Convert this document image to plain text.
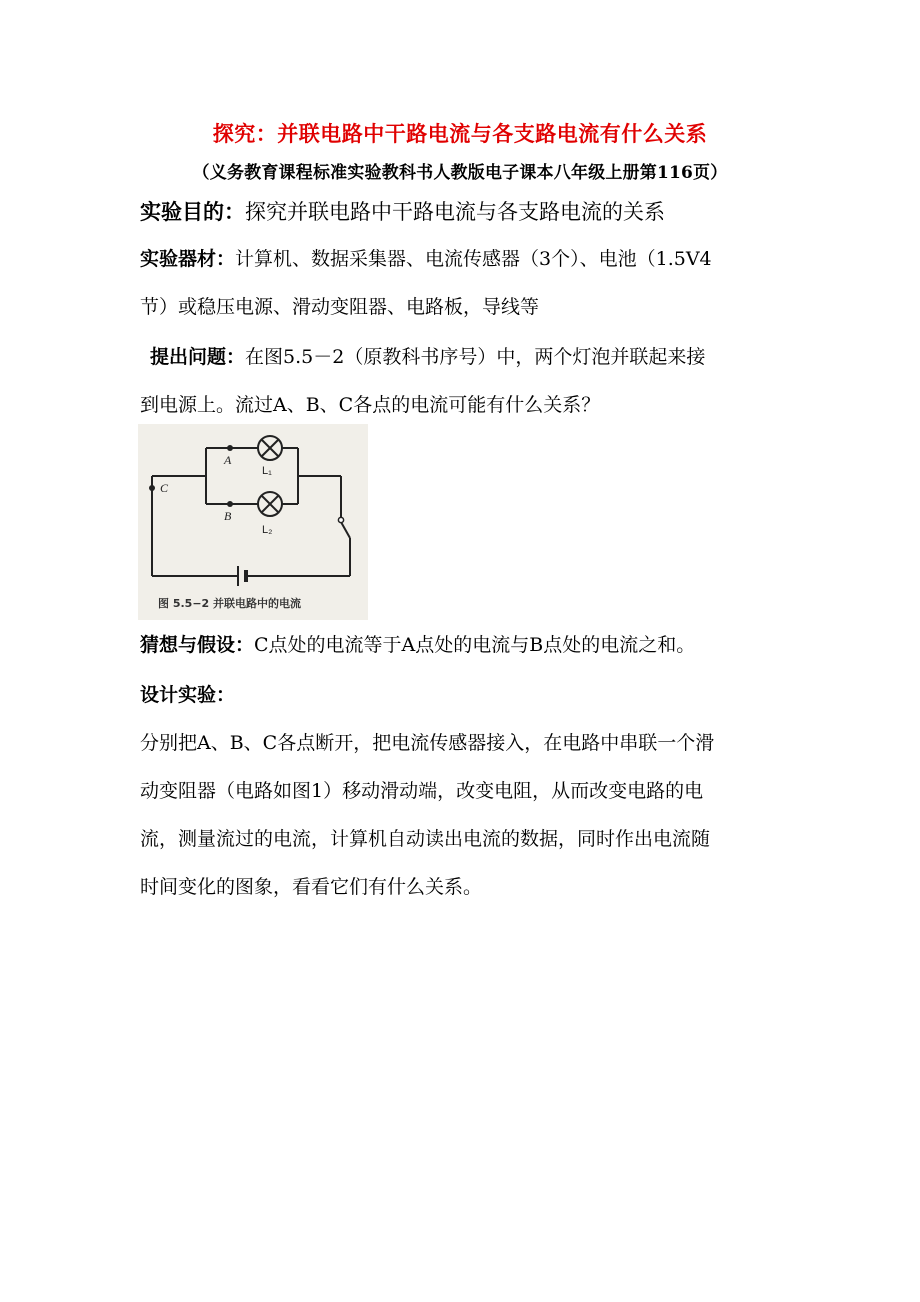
探究：并联电路中干路电流与各支路电流有什么关系
（义务教育课程标准实验教科书人教版电子课本八年级上册第116页）
实验目的：探究并联电路中干路电流与各支路电流的关系
实验器材：计算机、数据采集器、电流传感器（3个）、电池（1.5V4
节）或稳压电源、滑动变阻器、电路板，导线等
提出问题：在图5.5－2（原教科书序号）中，两个灯泡并联起来接
到电源上。流过A、B、C各点的电流可能有什么关系？
A
B
C
L₁
L₂
图 5.5−2 并联电路中的电流
猜想与假设：C点处的电流等于A点处的电流与B点处的电流之和。
设计实验：
分别把A、B、C各点断开，把电流传感器接入，在电路中串联一个滑
动变阻器（电路如图1）移动滑动端，改变电阻，从而改变电路的电
流，测量流过的电流，计算机自动读出电流的数据，同时作出电流随
时间变化的图象，看看它们有什么关系。
